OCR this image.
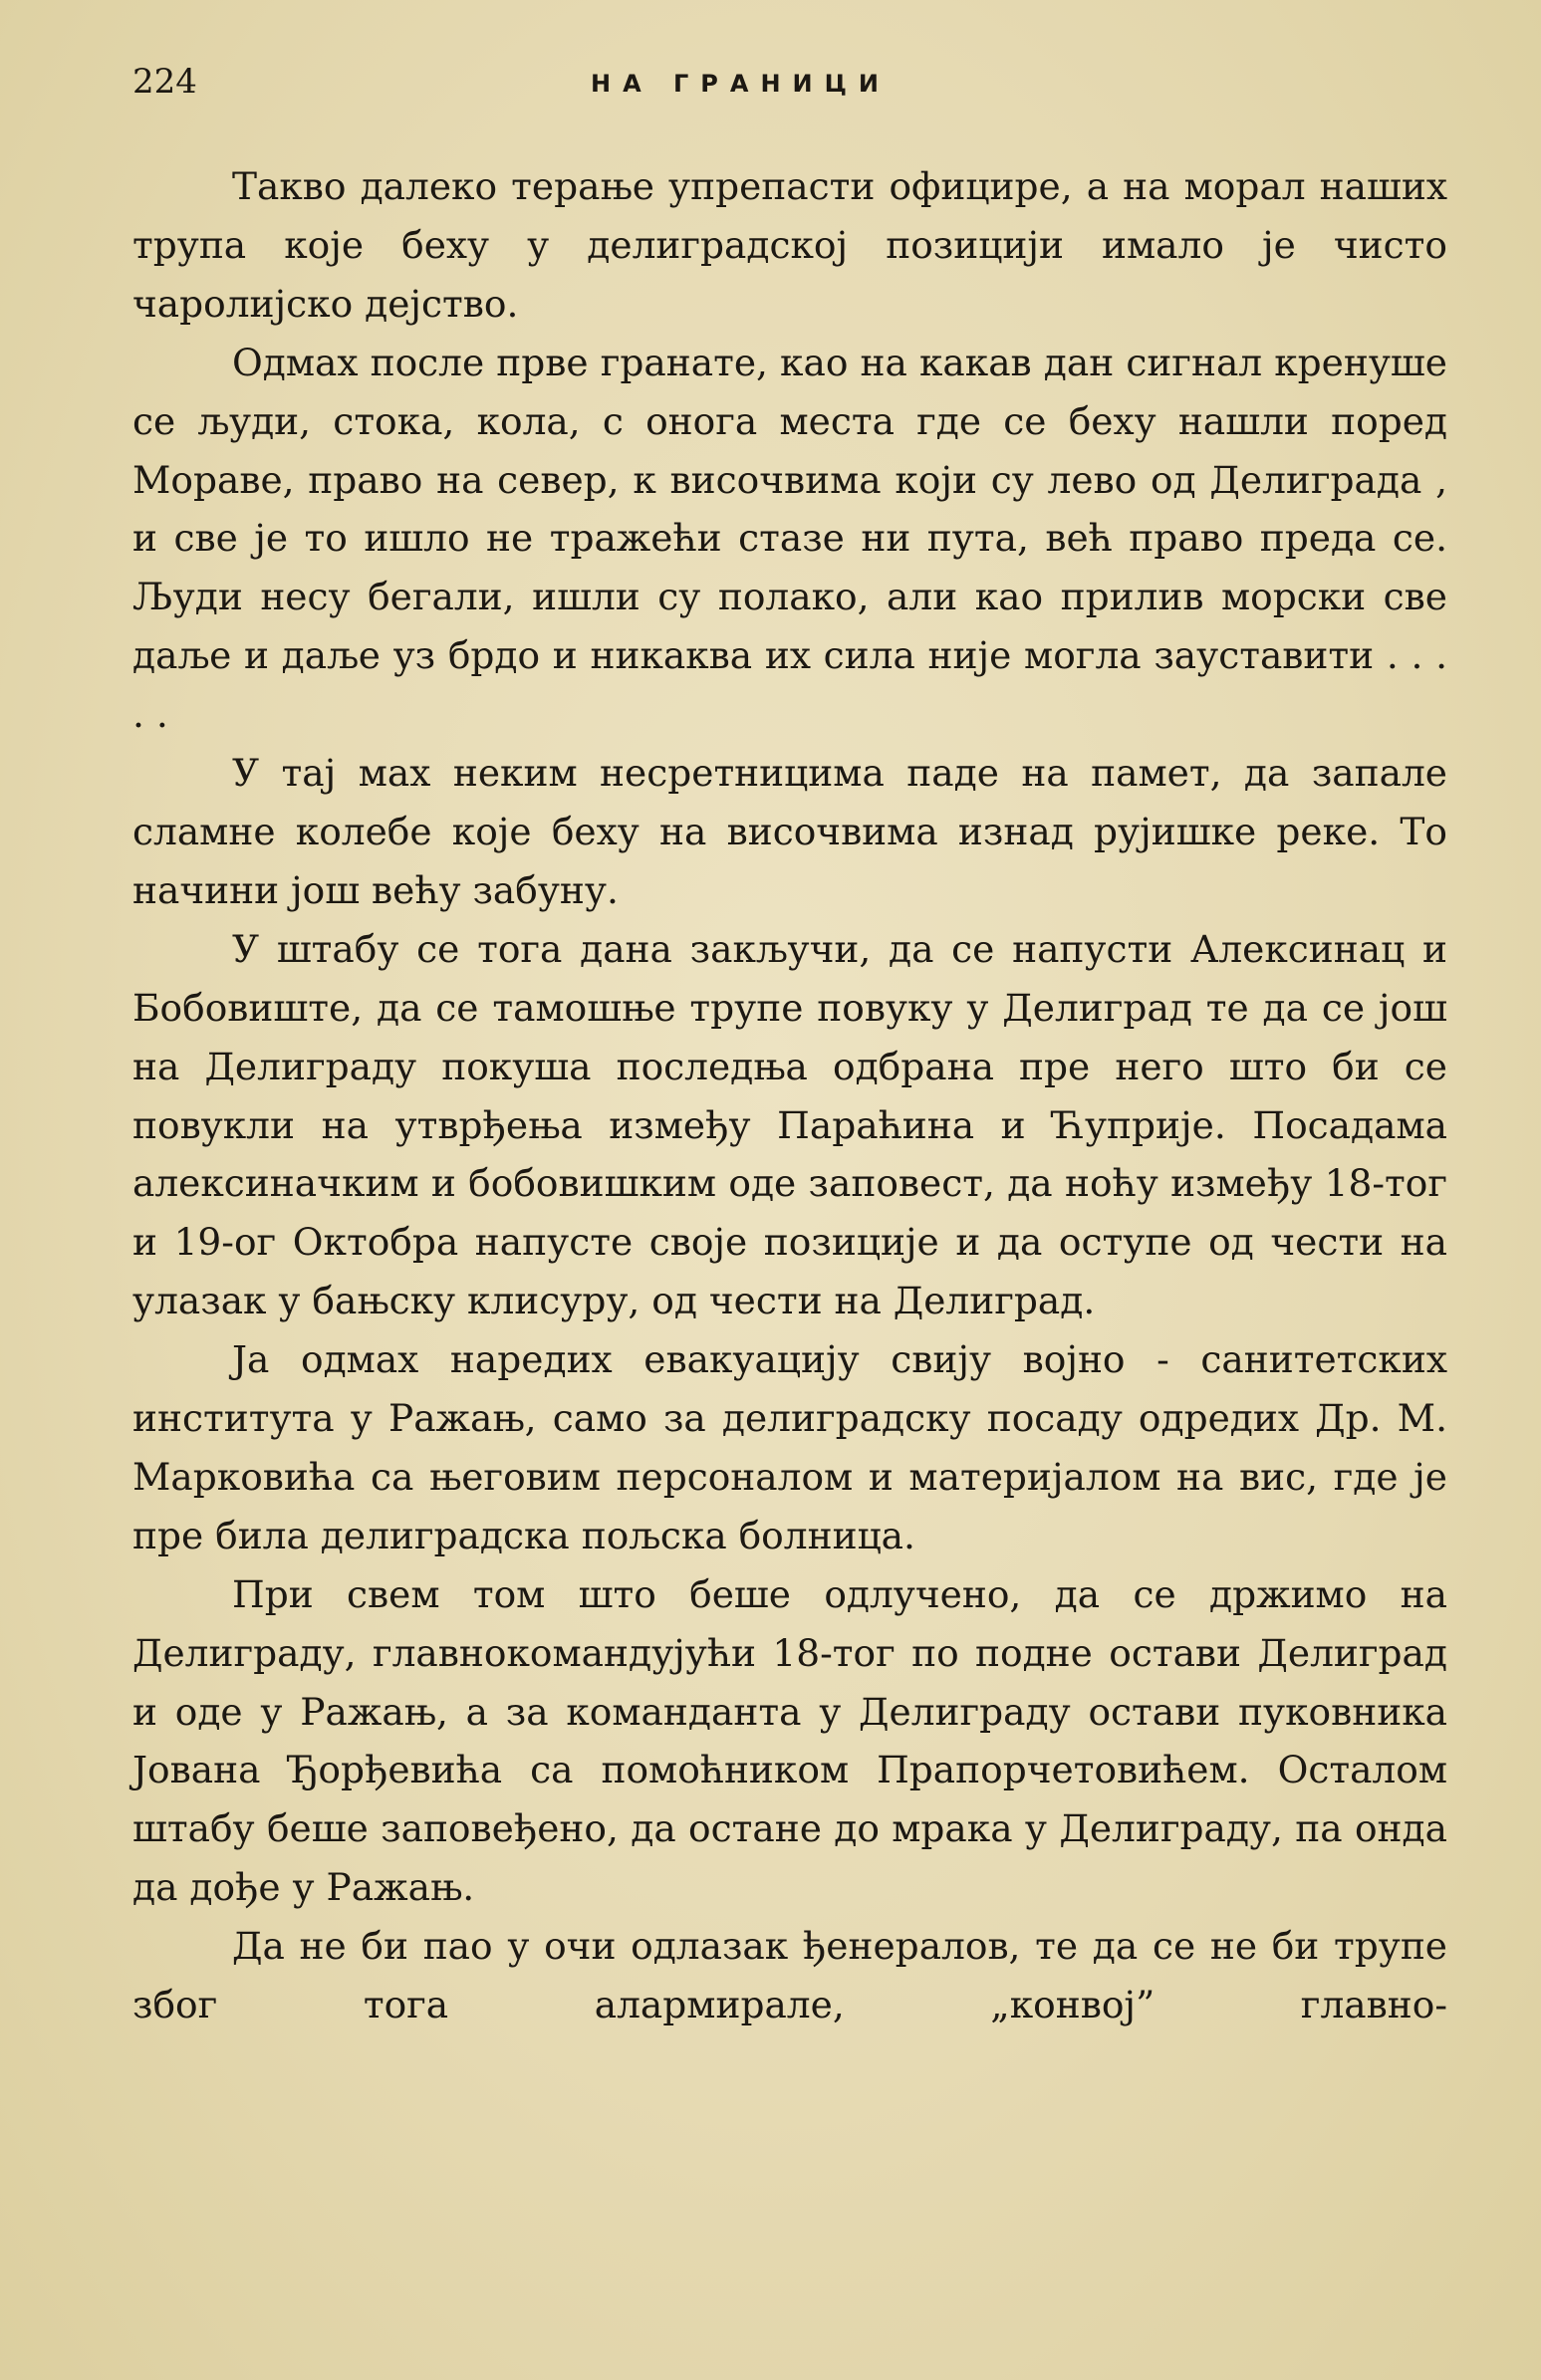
224	НА ГРАНИЦИ

Такво далеко терање упрепасти официре, а на морал наших трупа које беху у делиградској позицији имало је чисто чаролијско дејство.

Одмах после прве гранате, као на какав дан сигнал кренуше се људи, стока, кола, с онога места где се беху нашли поред Мораве, право на север, к височвима који су лево од Делиграда , и све је то ишло не тражећи стазе ни пута, већ право преда се. Људи несу бегали, ишли су полако, али као прилив морски све даље и даље уз брдо и никаква их сила није могла зауставити . . . . .

У тај мах неким несретницима паде на памет, да запале сламне колебе које беху на височвима изнад рујишке реке. То начини још већу забуну.

У штабу се тога дана закључи, да се напусти Алексинац и Бобовиште, да се тамошње трупе повуку у Делиград те да се још на Делиграду покуша последња одбрана пре него што би се повукли на утврђења између Параћина и Ћуприје. Посадама алексиначким и бобовишким оде заповест, да ноћу између 18-тог и 19-ог Октобра напусте своје позиције и да оступе од чести на улазак у бањску клисуру, од чести на Делиград.

Ја одмах наредих евакуацију свију војно - санитетских института у Ражањ, само за делиградску посаду одредих Др. М. Марковића са његовим персоналом и материјалом на вис, где је пре била делиградска пољска болница.

При свем том што беше одлучено, да се држимо на Делиграду, главнокомандујући 18-тог по подне остави Делиград и оде у Ражањ, а за команданта у Делиграду остави пуковника Јована Ђорђевића са помоћником Прапорчетовићем. Осталом штабу беше заповеђено, да остане до мрака у Делиграду, па онда да дође у Ражањ.

Да не би пао у очи одлазак ђенералов, те да се не би трупе због тога алармирале, „конвој” главно-
